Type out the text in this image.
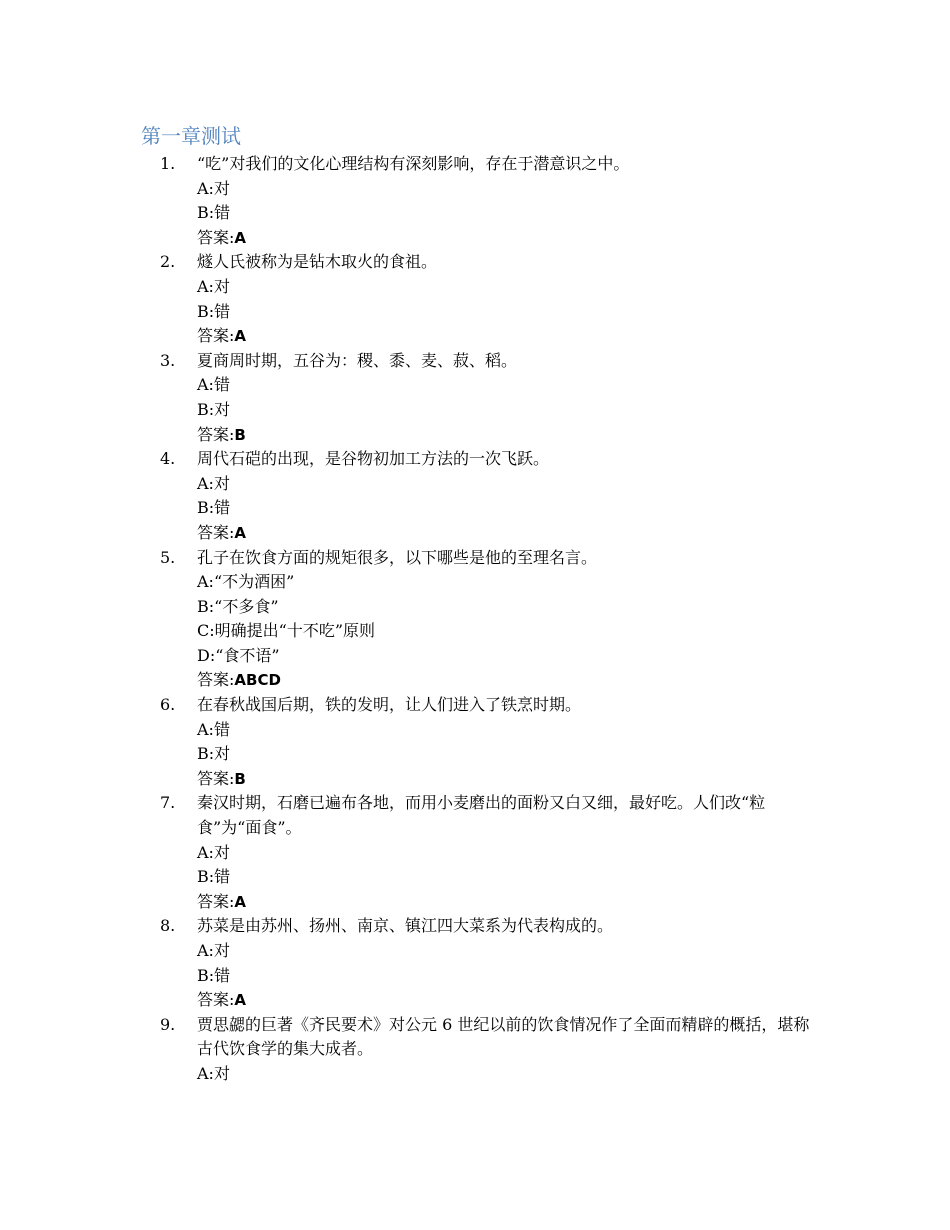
第一章测试
1. “吃”对我们的文化心理结构有深刻影响，存在于潜意识之中。
A:对
B:错
答案:A
2. 燧人氏被称为是钻木取火的食祖。
A:对
B:错
答案:A
3. 夏商周时期，五谷为：稷、黍、麦、菽、稻。
A:错
B:对
答案:B
4. 周代石硙的出现，是谷物初加工方法的一次飞跃。
A:对
B:错
答案:A
5. 孔子在饮食方面的规矩很多，以下哪些是他的至理名言。
A:“不为酒困”
B:“不多食”
C:明确提出“十不吃”原则
D:“食不语”
答案:ABCD
6. 在春秋战国后期，铁的发明，让人们进入了铁烹时期。
A:错
B:对
答案:B
7. 秦汉时期，石磨已遍布各地，而用小麦磨出的面粉又白又细，最好吃。人们改“粒食”为“面食”。
A:对
B:错
答案:A
8. 苏菜是由苏州、扬州、南京、镇江四大菜系为代表构成的。
A:对
B:错
答案:A
9. 贾思勰的巨著《齐民要术》对公元 6 世纪以前的饮食情况作了全面而精辟的概括，堪称古代饮食学的集大成者。
A:对
